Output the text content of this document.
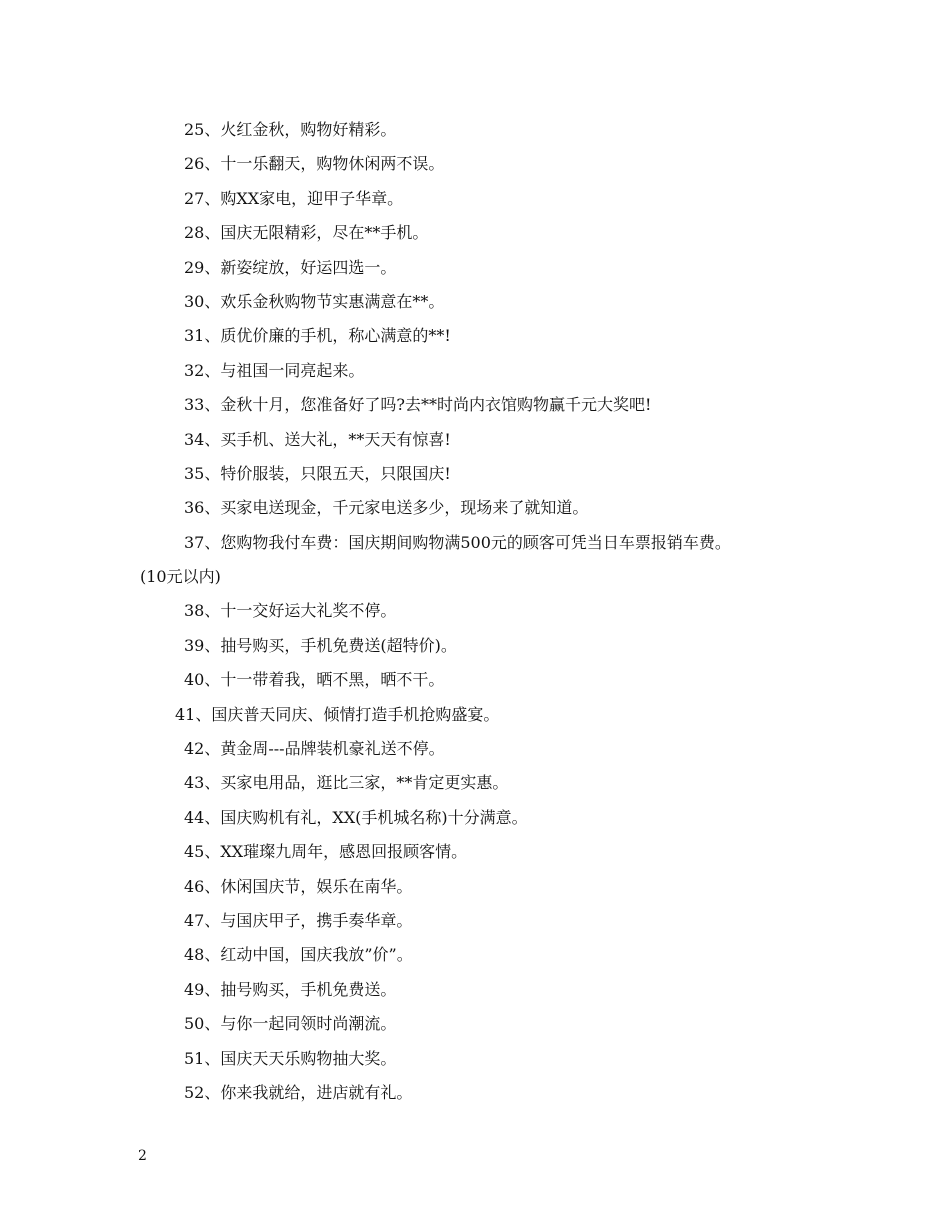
25、火红金秋，购物好精彩。
26、十一乐翻天，购物休闲两不误。
27、购XX家电，迎甲子华章。
28、国庆无限精彩，尽在**手机。
29、新姿绽放，好运四选一。
30、欢乐金秋购物节实惠满意在**。
31、质优价廉的手机，称心满意的**!
32、与祖国一同亮起来。
33、金秋十月，您准备好了吗?去**时尚内衣馆购物赢千元大奖吧!
34、买手机、送大礼，**天天有惊喜!
35、特价服装，只限五天，只限国庆!
36、买家电送现金，千元家电送多少，现场来了就知道。
37、您购物我付车费：国庆期间购物满500元的顾客可凭当日车票报销车费。
(10元以内)
38、十一交好运大礼奖不停。
39、抽号购买，手机免费送(超特价)。
40、十一带着我，晒不黑，晒不干。
41、国庆普天同庆、倾情打造手机抢购盛宴。
42、黄金周---品牌装机豪礼送不停。
43、买家电用品，逛比三家，**肯定更实惠。
44、国庆购机有礼，XX(手机城名称)十分满意。
45、XX璀璨九周年，感恩回报顾客情。
46、休闲国庆节，娱乐在南华。
47、与国庆甲子，携手奏华章。
48、红动中国，国庆我放”价”。
49、抽号购买，手机免费送。
50、与你一起同领时尚潮流。
51、国庆天天乐购物抽大奖。
52、你来我就给，进店就有礼。
2
